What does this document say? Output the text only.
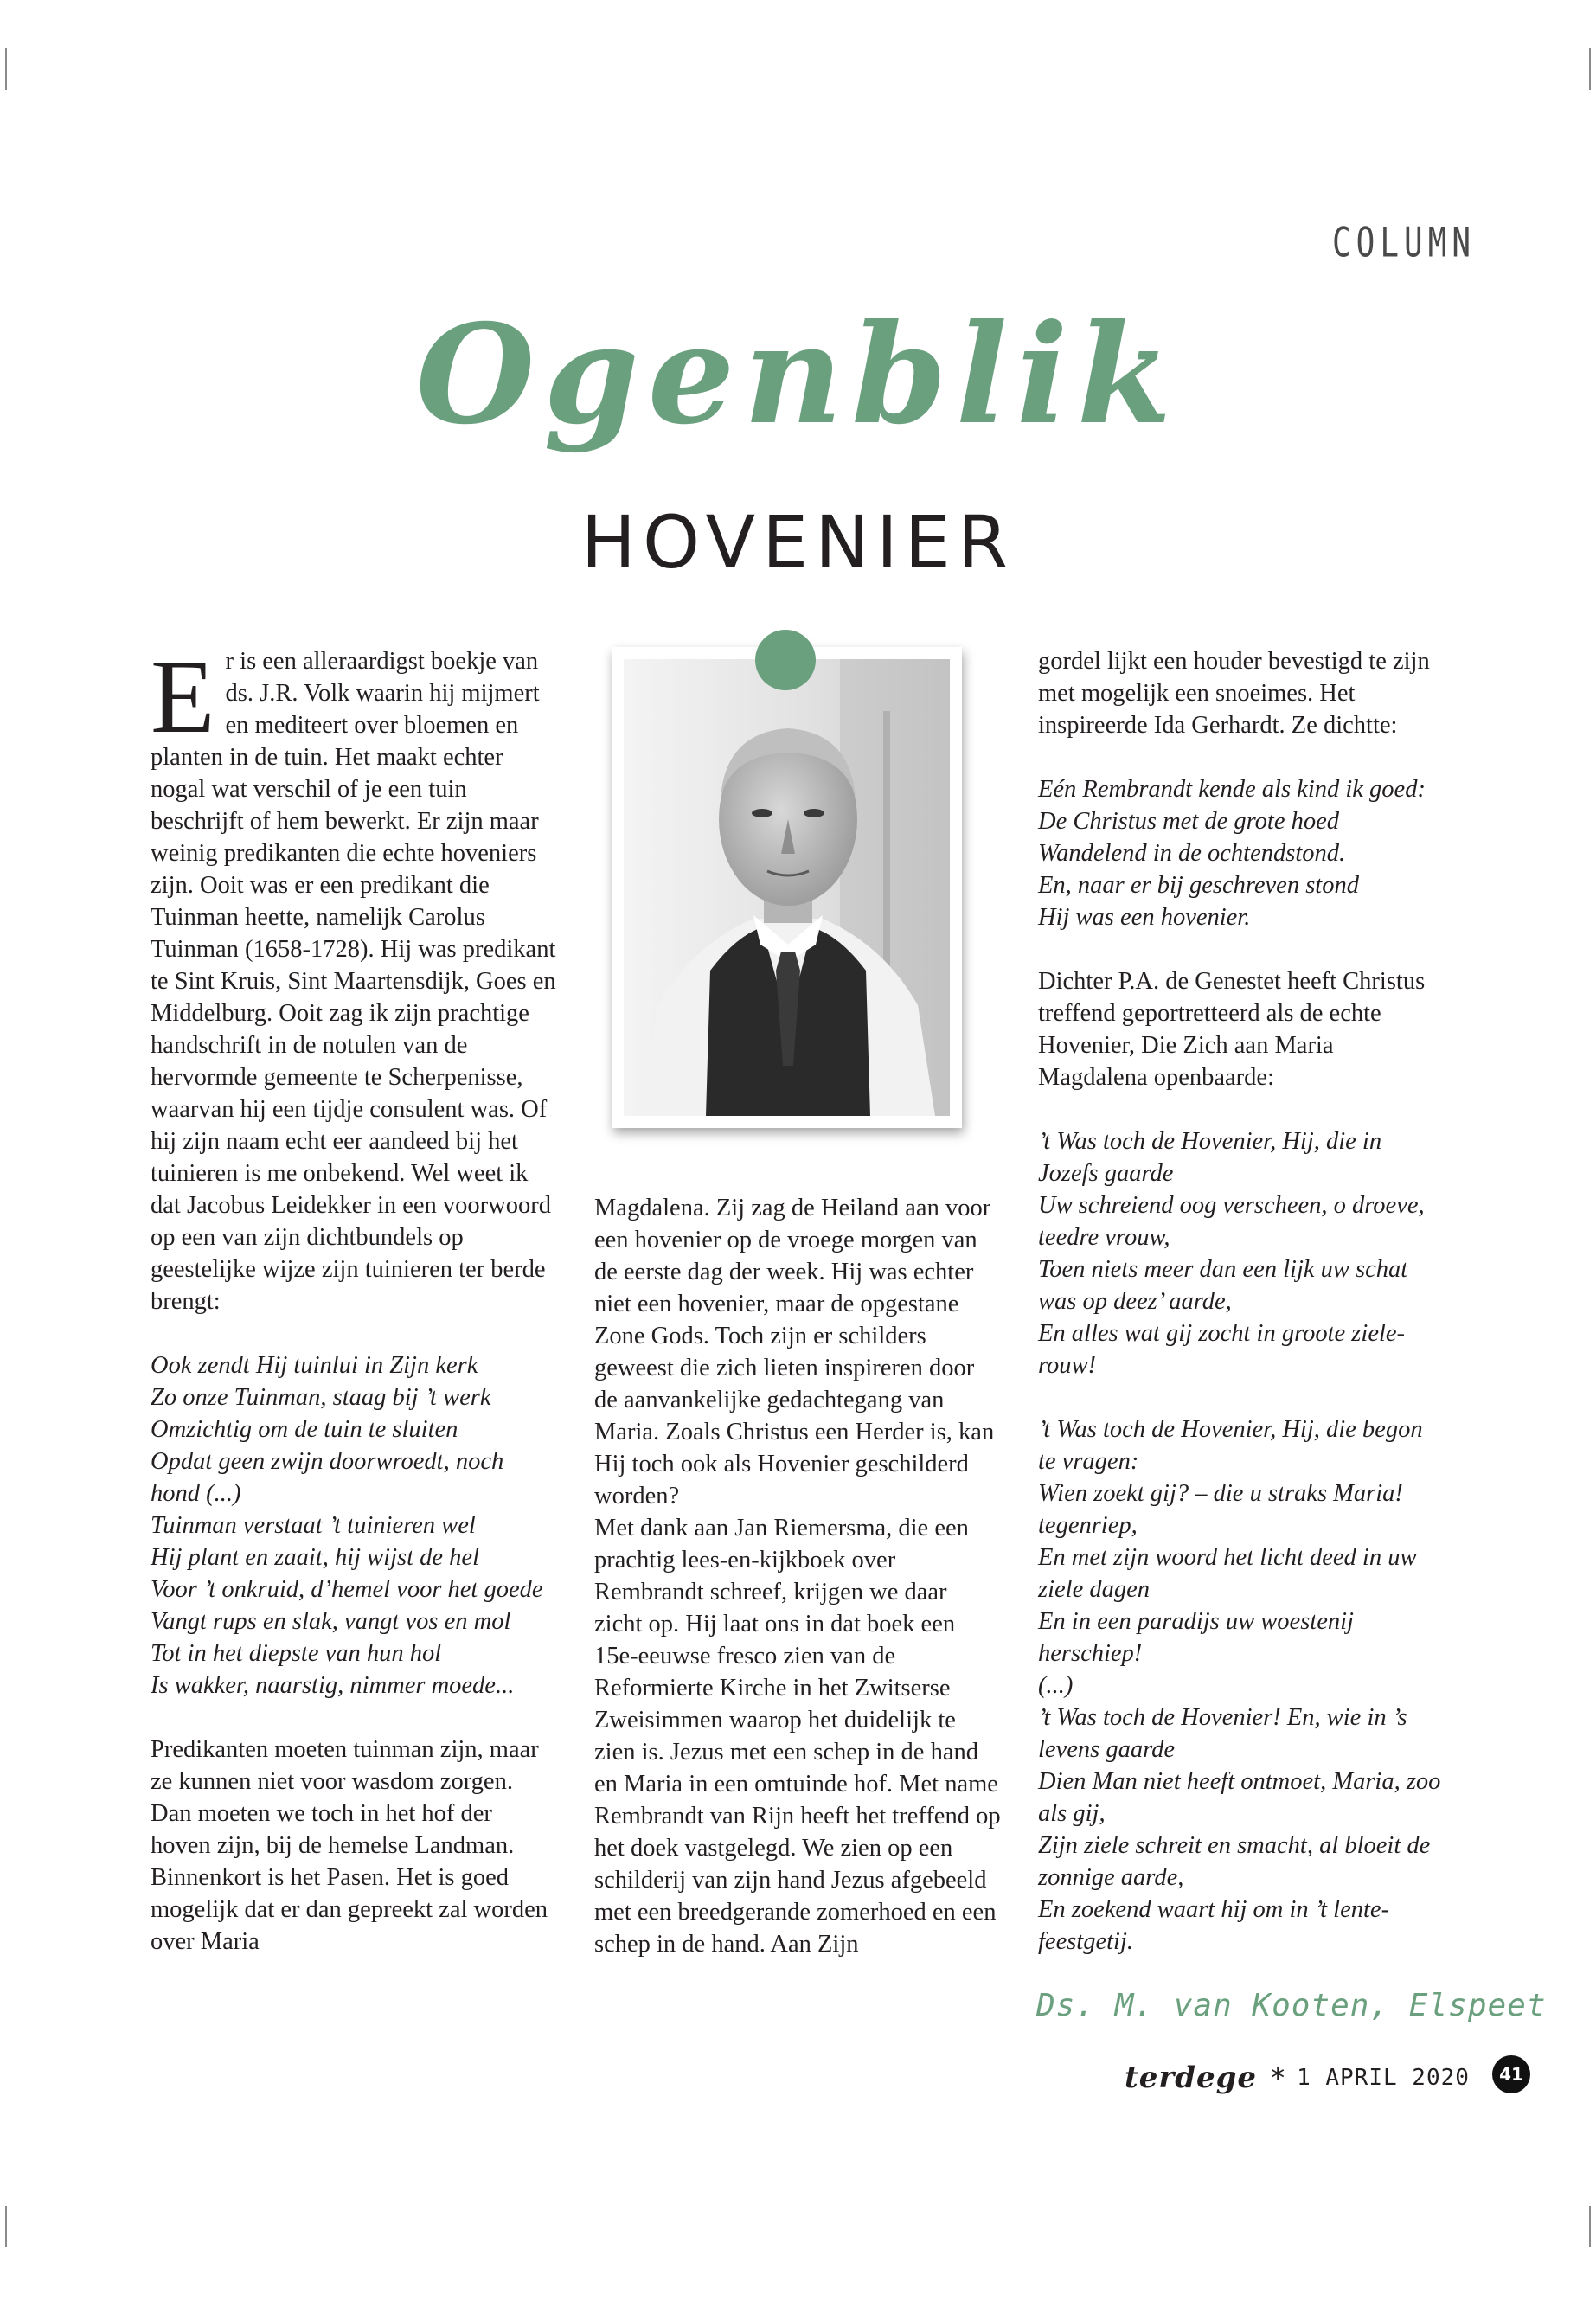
COLUMN
Ogenblik
HOVENIER

Er is een alleraardigst boekje van ds. J.R. Volk waarin hij mijmert en mediteert over bloemen en planten in de tuin. Het maakt echter nogal wat verschil of je een tuin beschrijft of hem bewerkt. Er zijn maar weinig predikanten die echte hoveniers zijn. Ooit was er een predikant die Tuinman heette, namelijk Carolus Tuinman (1658-1728). Hij was predikant te Sint Kruis, Sint Maartensdijk, Goes en Middelburg. Ooit zag ik zijn prachtige handschrift in de notulen van de hervormde gemeente te Scherpenisse, waarvan hij een tijdje consulent was. Of hij zijn naam echt eer aandeed bij het tuinieren is me onbekend. Wel weet ik dat Jacobus Leidekker in een voorwoord op een van zijn dichtbundels op geestelijke wijze zijn tuinieren ter berde brengt:

Ook zendt Hij tuinlui in Zijn kerk

Zo onze Tuinman, staag bij ’t werk

Omzichtig om de tuin te sluiten

Opdat geen zwijn doorwroedt, noch hond (...)

Tuinman verstaat ’t tuinieren wel

Hij plant en zaait, hij wijst de hel

Voor ’t onkruid, d’hemel voor het goede

Vangt rups en slak, vangt vos en mol

Tot in het diepste van hun hol

Is wakker, naarstig, nimmer moede...

Predikanten moeten tuinman zijn, maar ze kunnen niet voor wasdom zorgen. Dan moeten we toch in het hof der hoven zijn, bij de hemelse Landman. Binnenkort is het Pasen. Het is goed mogelijk dat er dan gepreekt zal worden over Maria

Magdalena. Zij zag de Heiland aan voor een hovenier op de vroege morgen van de eerste dag der week. Hij was echter niet een hovenier, maar de opgestane Zone Gods. Toch zijn er schilders geweest die zich lieten inspireren door de aanvankelijke gedachtegang van Maria. Zoals Christus een Herder is, kan Hij toch ook als Hovenier geschilderd worden?

Met dank aan Jan Riemersma, die een prachtig lees-en-kijkboek over Rembrandt schreef, krijgen we daar zicht op. Hij laat ons in dat boek een 15e-eeuwse fresco zien van de Reformierte Kirche in het Zwitserse Zweisimmen waarop het duidelijk te zien is. Jezus met een schep in de hand en Maria in een omtuinde hof. Met name Rembrandt van Rijn heeft het treffend op het doek vastgelegd. We zien op een schilderij van zijn hand Jezus afgebeeld met een breedgerande zomerhoed en een schep in de hand. Aan Zijn

gordel lijkt een houder bevestigd te zijn met mogelijk een snoeimes. Het inspireerde Ida Gerhardt. Ze dichtte:

Eén Rembrandt kende als kind ik goed:

De Christus met de grote hoed

Wandelend in de ochtendstond.

En, naar er bij geschreven stond

Hij was een hovenier.

Dichter P.A. de Genestet heeft Christus treffend geportretteerd als de echte Hovenier, Die Zich aan Maria Magdalena openbaarde:

’t Was toch de Hovenier, Hij, die in Jozefs gaarde

Uw schreiend oog verscheen, o droeve, teedre vrouw,

Toen niets meer dan een lijk uw schat was op deez’ aarde,

En alles wat gij zocht in groote ziele-rouw!

’t Was toch de Hovenier, Hij, die begon te vragen:

Wien zoekt gij? – die u straks Maria! tegenriep,

En met zijn woord het licht deed in uw ziele dagen

En in een paradijs uw woestenij herschiep!

(...)

’t Was toch de Hovenier! En, wie in ’s levens gaarde

Dien Man niet heeft ontmoet, Maria, zoo als gij,

Zijn ziele schreit en smacht, al bloeit de zonnige aarde,

En zoekend waart hij om in ’t lente-feestgetij.

Ds. M. van Kooten, Elspeet
terdege * 1 APRIL 2020	41
